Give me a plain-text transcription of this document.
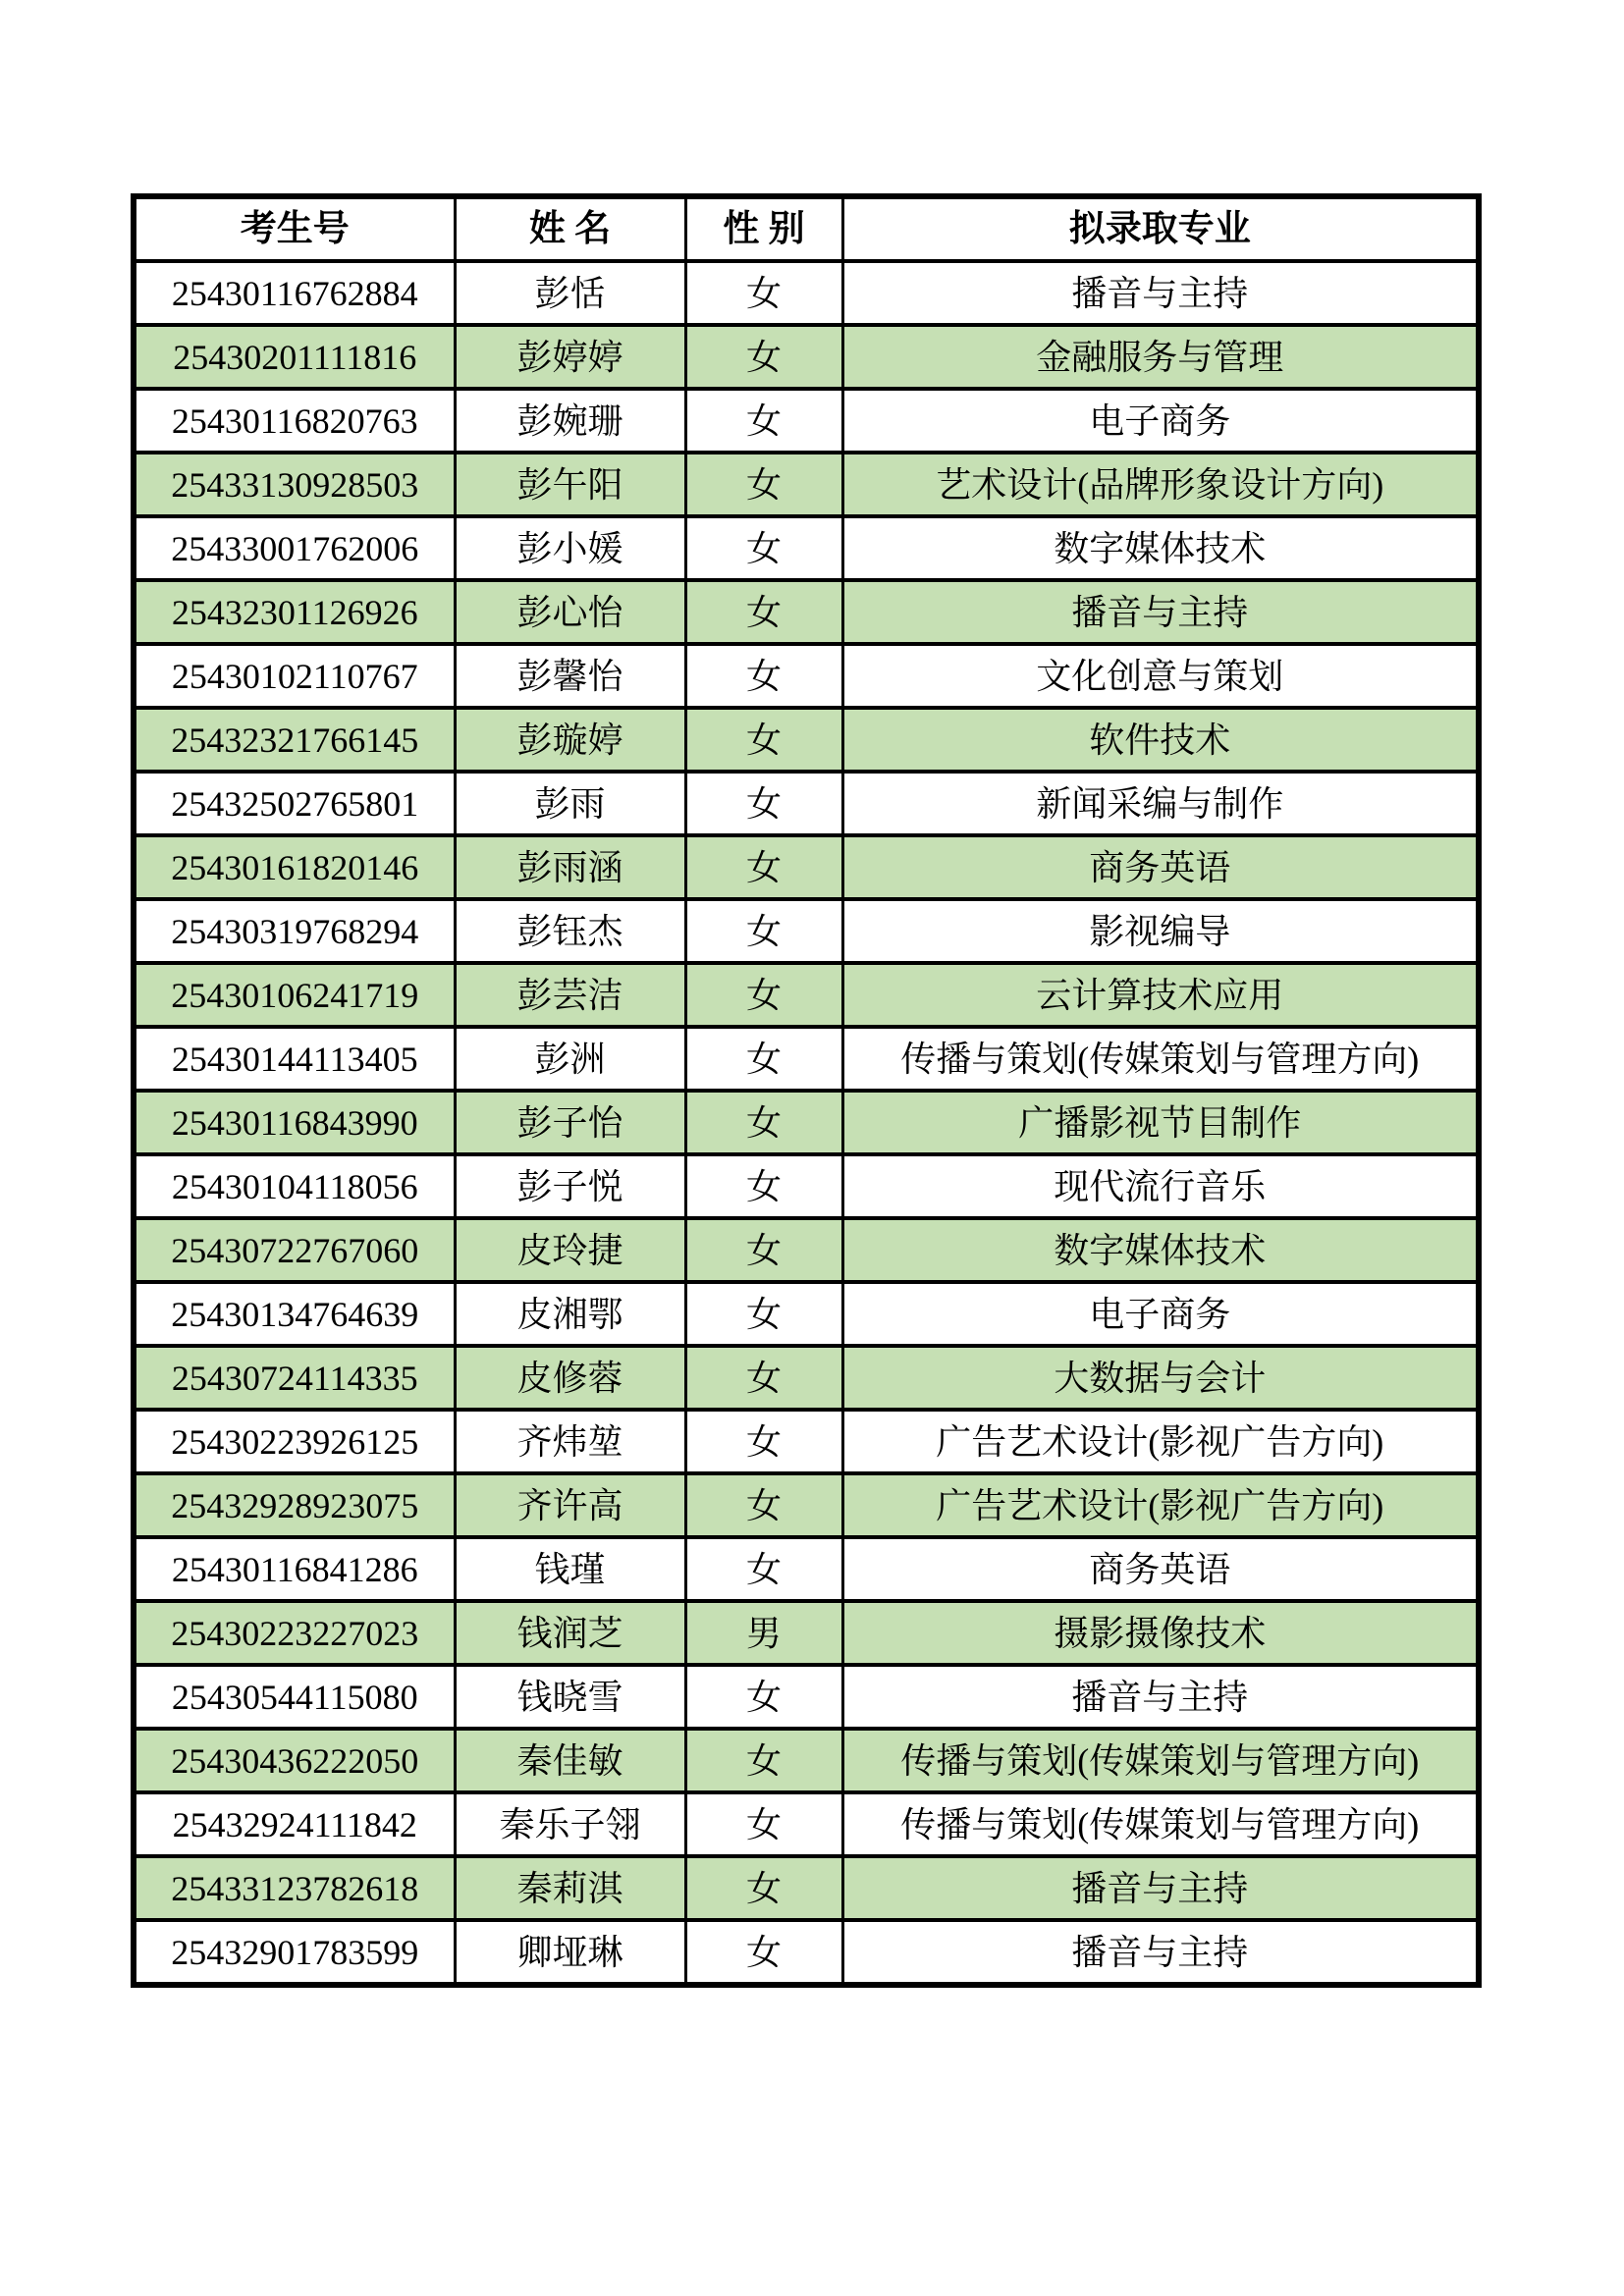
考生号	姓 名	性 别	拟录取专业
25430116762884	彭恬	女	播音与主持
25430201111816	彭婷婷	女	金融服务与管理
25430116820763	彭婉珊	女	电子商务
25433130928503	彭午阳	女	艺术设计(品牌形象设计方向)
25433001762006	彭小媛	女	数字媒体技术
25432301126926	彭心怡	女	播音与主持
25430102110767	彭馨怡	女	文化创意与策划
25432321766145	彭璇婷	女	软件技术
25432502765801	彭雨	女	新闻采编与制作
25430161820146	彭雨涵	女	商务英语
25430319768294	彭钰杰	女	影视编导
25430106241719	彭芸洁	女	云计算技术应用
25430144113405	彭洲	女	传播与策划(传媒策划与管理方向)
25430116843990	彭子怡	女	广播影视节目制作
25430104118056	彭子悦	女	现代流行音乐
25430722767060	皮玲捷	女	数字媒体技术
25430134764639	皮湘鄂	女	电子商务
25430724114335	皮修蓉	女	大数据与会计
25430223926125	齐炜堃	女	广告艺术设计(影视广告方向)
25432928923075	齐许高	女	广告艺术设计(影视广告方向)
25430116841286	钱瑾	女	商务英语
25430223227023	钱润芝	男	摄影摄像技术
25430544115080	钱晓雪	女	播音与主持
25430436222050	秦佳敏	女	传播与策划(传媒策划与管理方向)
25432924111842	秦乐子翎	女	传播与策划(传媒策划与管理方向)
25433123782618	秦莉淇	女	播音与主持
25432901783599	卿垭琳	女	播音与主持
